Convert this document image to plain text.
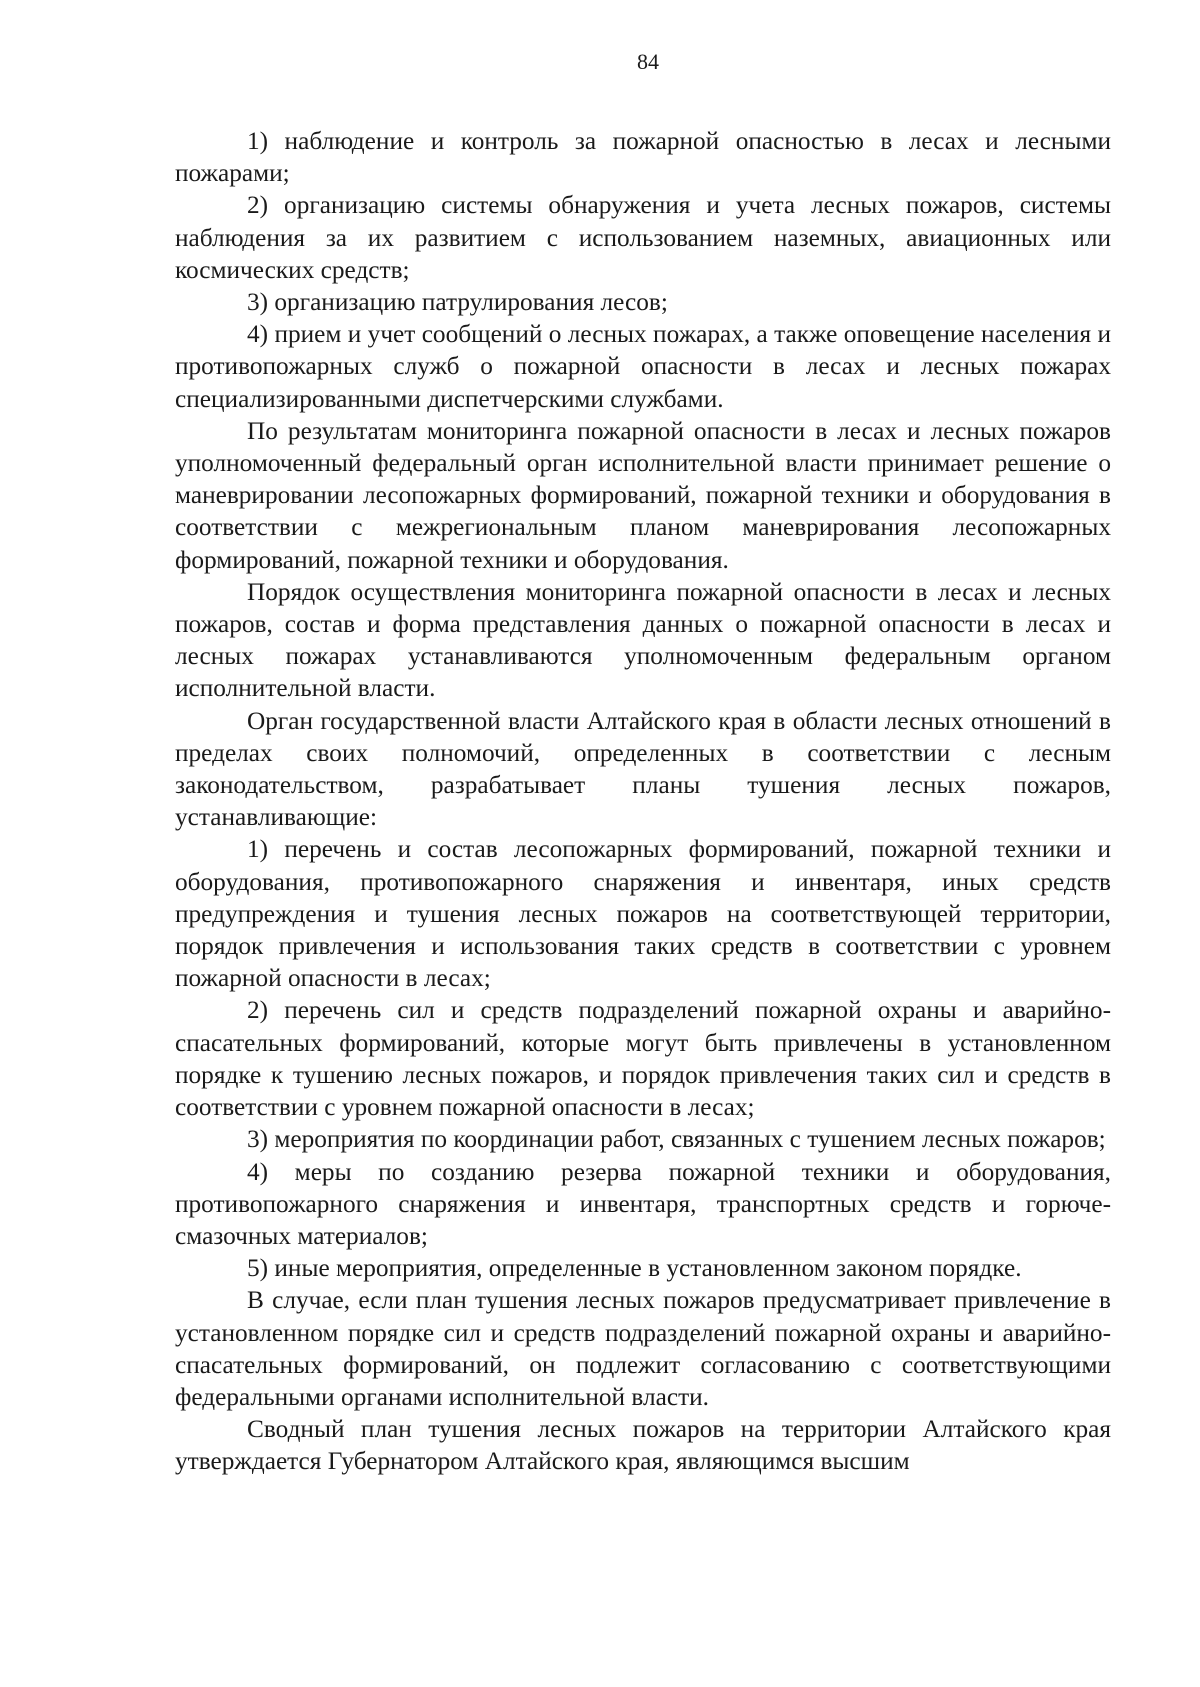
84

1) наблюдение и контроль за пожарной опасностью в лесах и лесными пожарами;

2) организацию системы обнаружения и учета лесных пожаров, системы наблюдения за их развитием с использованием наземных, авиационных или космических средств;

3) организацию патрулирования лесов;

4) прием и учет сообщений о лесных пожарах, а также оповещение населения и противопожарных служб о пожарной опасности в лесах и лесных пожарах специализированными диспетчерскими службами.

По результатам мониторинга пожарной опасности в лесах и лесных пожаров уполномоченный федеральный орган исполнительной власти принимает решение о маневрировании лесопожарных формирований, пожарной техники и оборудования в соответствии с межрегиональным планом маневрирования лесопожарных формирований, пожарной техники и оборудования.

Порядок осуществления мониторинга пожарной опасности в лесах и лесных пожаров, состав и форма представления данных о пожарной опасности в лесах и лесных пожарах устанавливаются уполномоченным федеральным органом исполнительной власти.

Орган государственной власти Алтайского края в области лесных отношений в пределах своих полномочий, определенных в соответствии с лесным законодательством, разрабатывает планы тушения лесных пожаров, устанавливающие:

1) перечень и состав лесопожарных формирований, пожарной техники и оборудования, противопожарного снаряжения и инвентаря, иных средств предупреждения и тушения лесных пожаров на соответствующей территории, порядок привлечения и использования таких средств в соответствии с уровнем пожарной опасности в лесах;

2) перечень сил и средств подразделений пожарной охраны и аварийно-спасательных формирований, которые могут быть привлечены в установленном порядке к тушению лесных пожаров, и порядок привлечения таких сил и средств в соответствии с уровнем пожарной опасности в лесах;

3) мероприятия по координации работ, связанных с тушением лесных пожаров;

4) меры по созданию резерва пожарной техники и оборудования, противопожарного снаряжения и инвентаря, транспортных средств и горюче-смазочных материалов;

5) иные мероприятия, определенные в установленном законом порядке.

В случае, если план тушения лесных пожаров предусматривает привлечение в установленном порядке сил и средств подразделений пожарной охраны и аварийно-спасательных формирований, он подлежит согласованию с соответствующими федеральными органами исполнительной власти.

Сводный план тушения лесных пожаров на территории Алтайского края утверждается Губернатором Алтайского края, являющимся высшим
